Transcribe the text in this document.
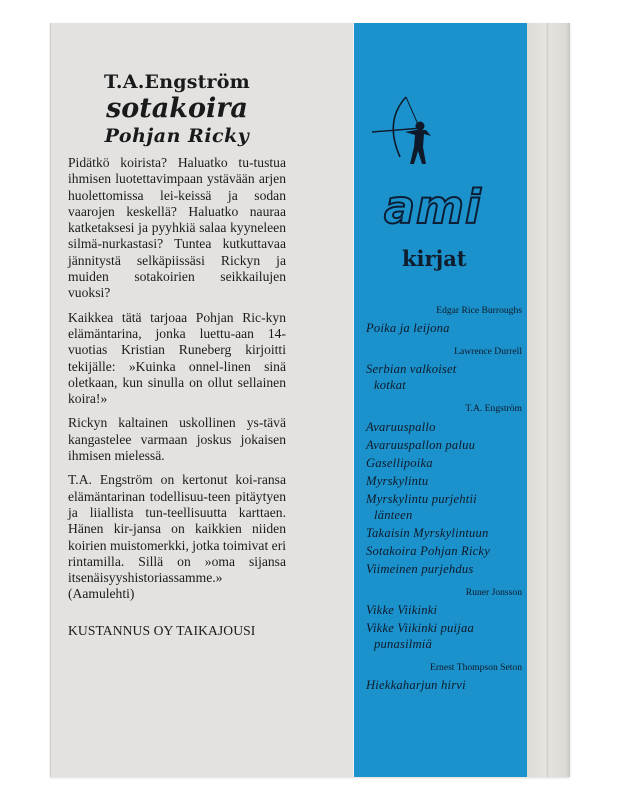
T.A.Engström
sotakoira
Pohjan Ricky

Pidätkö koirista? Haluatko tu-tustua ihmisen luotettavimpaan ystävään arjen huolettomissa lei-keissä ja sodan vaarojen keskellä? Haluatko nauraa katketaksesi ja pyyhkiä salaa kyyneleen silmä-nurkastasi? Tuntea kutkuttavaa jännitystä selkäpiissäsi Rickyn ja muiden sotakoirien seikkailujen vuoksi?

Kaikkea tätä tarjoaa Pohjan Ric-kyn elämäntarina, jonka luettu-aan 14-vuotias Kristian Runeberg kirjoitti tekijälle: »Kuinka onnel-linen sinä oletkaan, kun sinulla on ollut sellainen koira!»

Rickyn kaltainen uskollinen ys-tävä kangastelee varmaan joskus jokaisen ihmisen mielessä.

T.A. Engström on kertonut koi-ransa elämäntarinan todellisuu-teen pitäytyen ja liiallista tun-teellisuutta karttaen. Hänen kir-jansa on kaikkien niiden koirien muistomerkki, jotka toimivat eri rintamilla. Sillä on »oma sijansa itsenäisyyshistoriassamme.» (Aamulehti)

KUSTANNUS OY TAIKAJOUSI
ami
kirjat
Edgar Rice Burroughs
Poika ja leijona
Lawrence Durrell
Serbian valkoiset
kotkat
T.A. Engström
Avaruuspallo
Avaruuspallon paluu
Gasellipoika
Myrskylintu
Myrskylintu purjehtii
länteen
Takaisin Myrskylintuun
Sotakoira Pohjan Ricky
Viimeinen purjehdus
Runer Jonsson
Vikke Viikinki
Vikke Viikinki puijaa
punasilmiä
Ernest Thompson Seton
Hiekkaharjun hirvi
